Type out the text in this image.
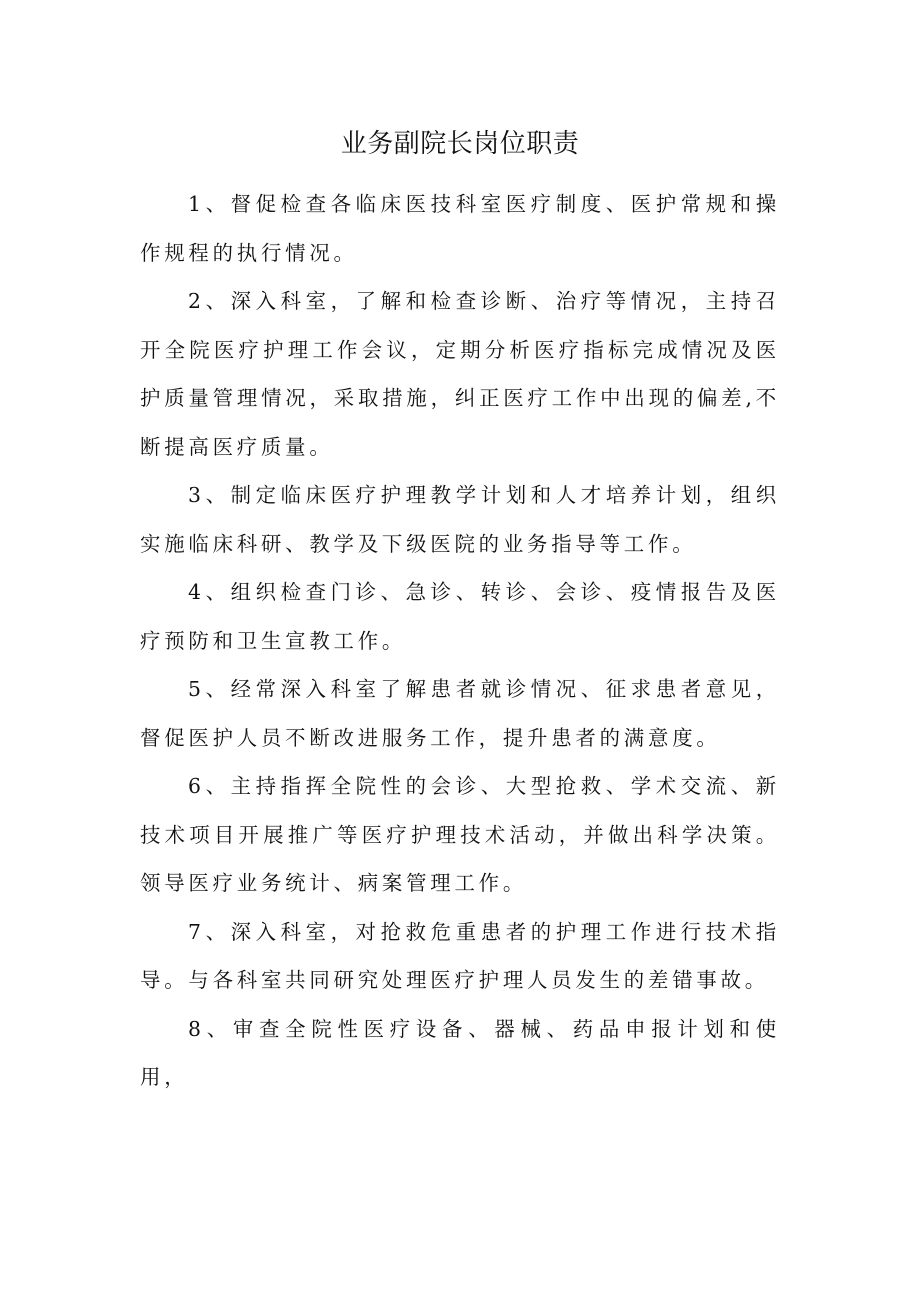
业务副院长岗位职责

1、督促检查各临床医技科室医疗制度、医护常规和操作规程的执行情况。

2、深入科室，了解和检查诊断、治疗等情况，主持召开全院医疗护理工作会议，定期分析医疗指标完成情况及医护质量管理情况，采取措施，纠正医疗工作中出现的偏差,不断提高医疗质量。

3、制定临床医疗护理教学计划和人才培养计划，组织实施临床科研、教学及下级医院的业务指导等工作。

4、组织检查门诊、急诊、转诊、会诊、疫情报告及医疗预防和卫生宣教工作。

5、经常深入科室了解患者就诊情况、征求患者意见，督促医护人员不断改进服务工作，提升患者的满意度。

6、主持指挥全院性的会诊、大型抢救、学术交流、新技术项目开展推广等医疗护理技术活动，并做出科学决策。领导医疗业务统计、病案管理工作。

7、深入科室，对抢救危重患者的护理工作进行技术指导。与各科室共同研究处理医疗护理人员发生的差错事故。

8、审查全院性医疗设备、器械、药品申报计划和使用，
